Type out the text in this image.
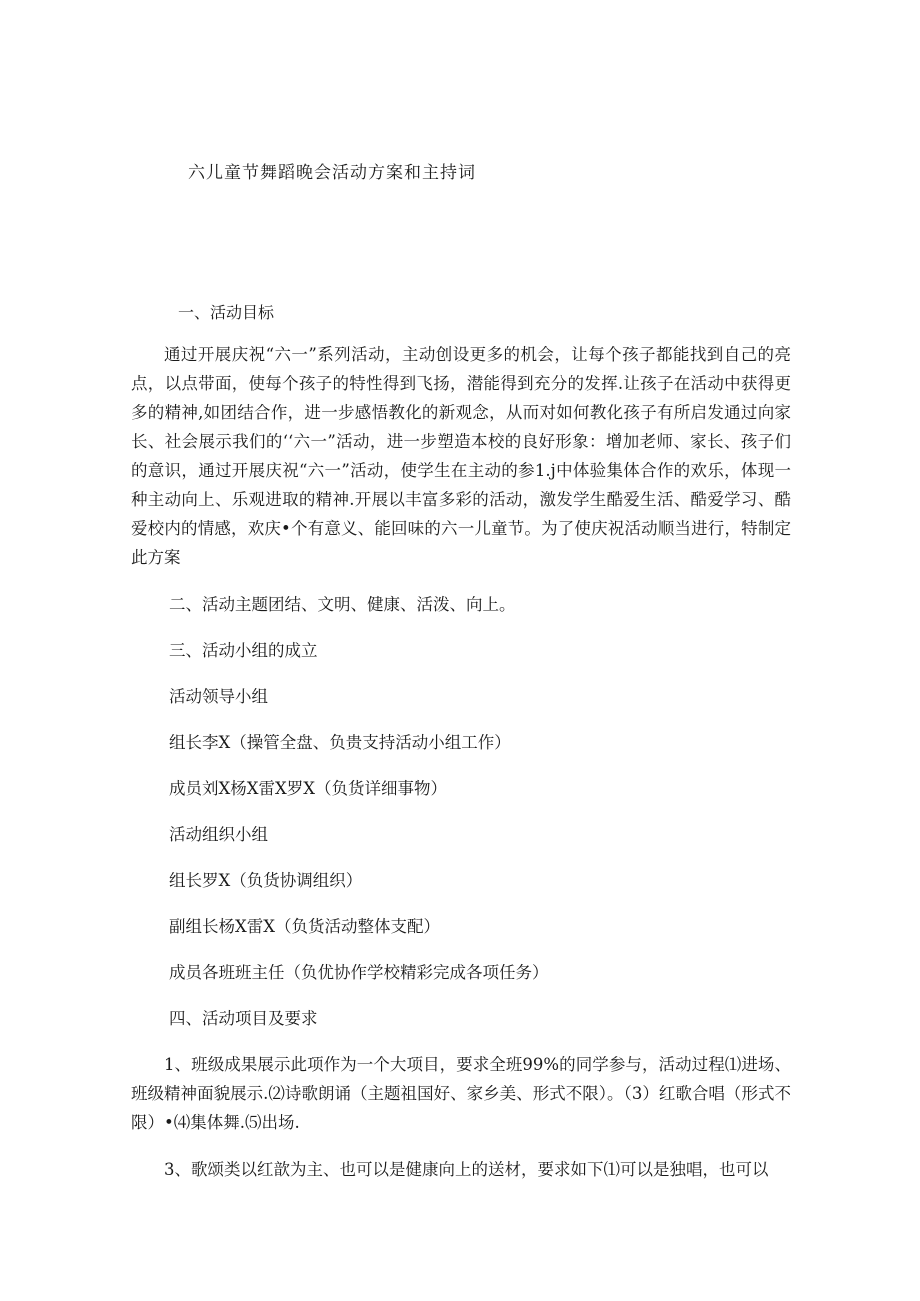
六儿童节舞蹈晚会活动方案和主持词
一、活动目标

通过开展庆祝“六一”系列活动，主动创设更多的机会，让每个孩子都能找到自己的亮点，以点带面，使每个孩子的特性得到飞扬，潜能得到充分的发挥.让孩子在活动中获得更多的精神,如团结合作，进一步感悟教化的新观念，从而对如何教化孩子有所启发通过向家长、社会展示我们的‘‘六一”活动，进一步塑造本校的良好形象：增加老师、家长、孩子们的意识，通过开展庆祝“六一”活动，使学生在主动的参1.j中体验集体合作的欢乐，体现一种主动向上、乐观进取的精神.开展以丰富多彩的活动，激发学生酷爱生活、酷爱学习、酷爱校内的情感，欢庆•个有意义、能回味的六一儿童节。为了使庆祝活动顺当进行，特制定此方案

二、活动主题团结、文明、健康、活泼、向上。
三、活动小组的成立
活动领导小组
组长李X（操管全盘、负贵支持活动小组工作）
成员刘X杨X雷X罗X（负货详细事物）
活动组织小组
组长罗X（负货协调组织）
副组长杨X雷X（负货活动整体支配）
成员各班班主任（负优协作学校精彩完成各项任务）
四、活动项目及要求

1、班级成果展示此项作为一个大项目，要求全班99%的同学参与，活动过程⑴进场、班级精神面貌展示.⑵诗歌朗诵（主题祖国好、家乡美、形式不限）。（3）红歌合唱（形式不限）•⑷集体舞.⑸出场.

3、歌颂类以红歆为主、也可以是健康向上的送材，要求如下⑴可以是独唱，也可以
